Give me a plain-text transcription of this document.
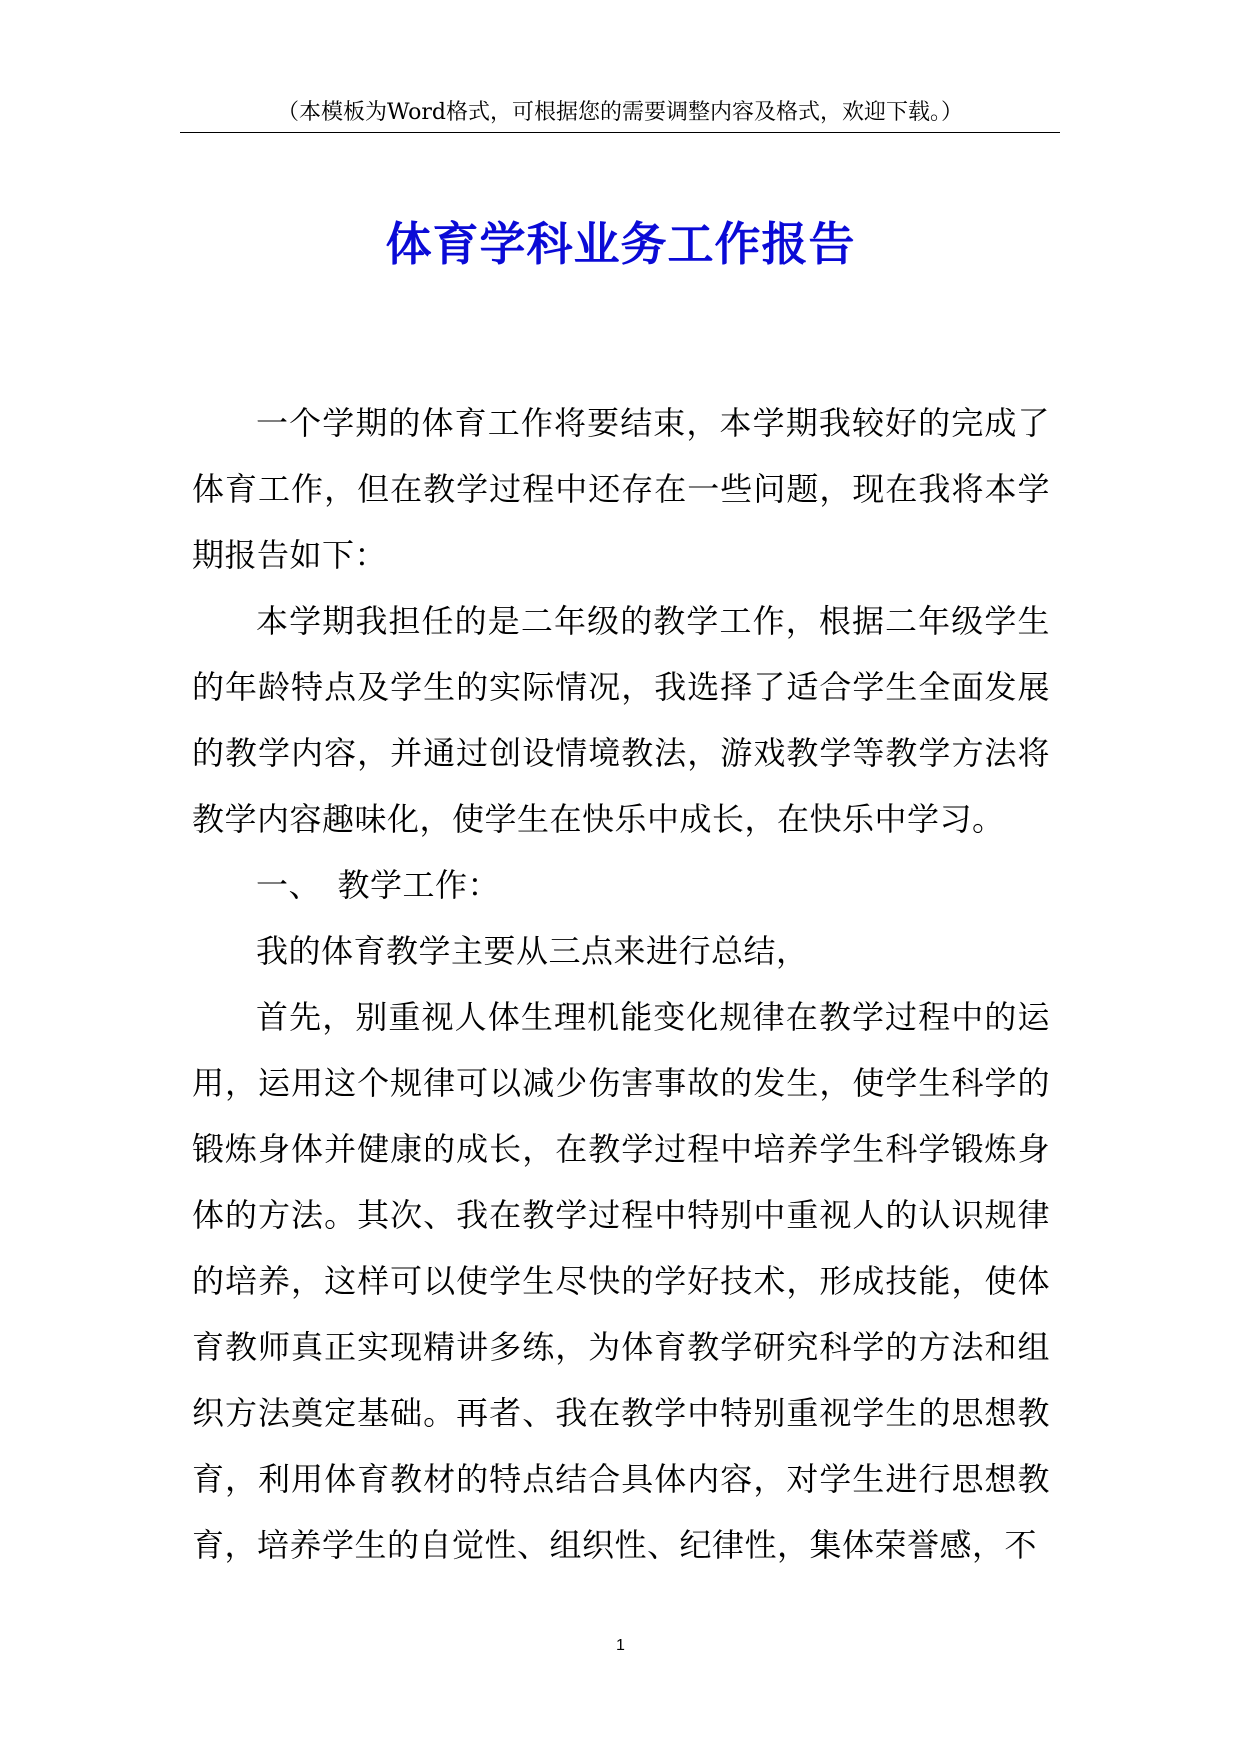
（本模板为Word格式，可根据您的需要调整内容及格式，欢迎下载。）
体育学科业务工作报告

一个学期的体育工作将要结束，本学期我较好的完成了体育工作，但在教学过程中还存在一些问题，现在我将本学期报告如下：

本学期我担任的是二年级的教学工作，根据二年级学生的年龄特点及学生的实际情况，我选择了适合学生全面发展的教学内容，并通过创设情境教法，游戏教学等教学方法将教学内容趣味化，使学生在快乐中成长，在快乐中学习。

一、　教学工作：

我的体育教学主要从三点来进行总结，

首先，别重视人体生理机能变化规律在教学过程中的运用，运用这个规律可以减少伤害事故的发生，使学生科学的锻炼身体并健康的成长，在教学过程中培养学生科学锻炼身体的方法。其次、我在教学过程中特别中重视人的认识规律的培养，这样可以使学生尽快的学好技术，形成技能，使体育教师真正实现精讲多练，为体育教学研究科学的方法和组织方法奠定基础。再者、我在教学中特别重视学生的思想教育，利用体育教材的特点结合具体内容，对学生进行思想教育，培养学生的自觉性、组织性、纪律性，集体荣誉感，不

1
